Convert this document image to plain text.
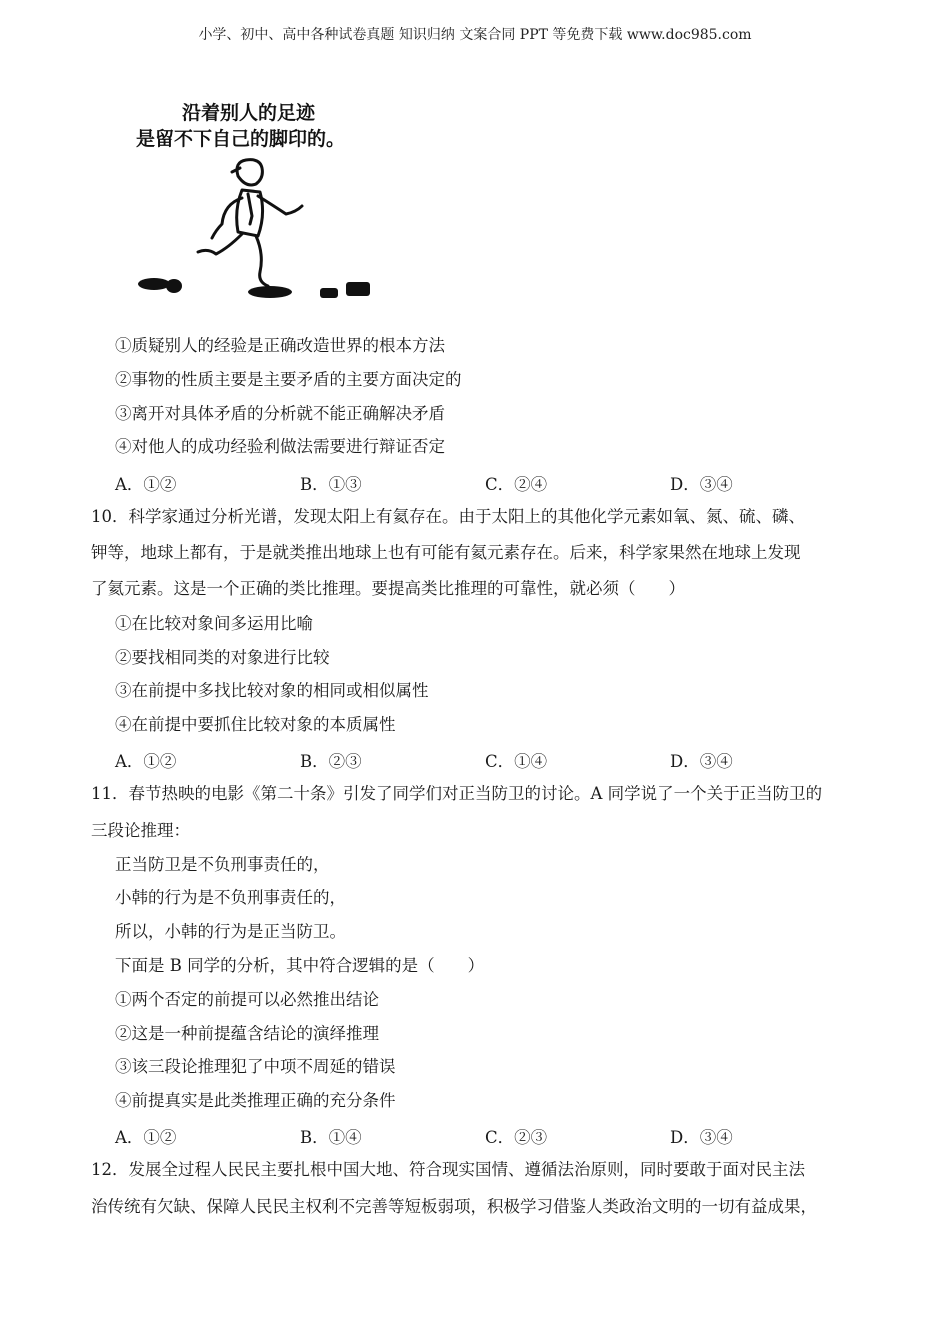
小学、初中、高中各种试卷真题 知识归纳 文案合同 PPT 等免费下载 www.doc985.com
沿着别人的足迹
是留不下自己的脚印的。
①质疑别人的经验是正确改造世界的根本方法
②事物的性质主要是主要矛盾的主要方面决定的
③离开对具体矛盾的分析就不能正确解决矛盾
④对他人的成功经验利做法需要进行辩证否定
A．①②	B．①③	C．②④	D．③④
10．科学家通过分析光谱，发现太阳上有氦存在。由于太阳上的其他化学元素如氧、氮、硫、磷、
钾等，地球上都有，于是就类推出地球上也有可能有氦元素存在。后来，科学家果然在地球上发现
了氦元素。这是一个正确的类比推理。要提高类比推理的可靠性，就必须（　　）
①在比较对象间多运用比喻
②要找相同类的对象进行比较
③在前提中多找比较对象的相同或相似属性
④在前提中要抓住比较对象的本质属性
A．①②	B．②③	C．①④	D．③④
11．春节热映的电影《第二十条》引发了同学们对正当防卫的讨论。A 同学说了一个关于正当防卫的
三段论推理：
正当防卫是不负刑事责任的，
小韩的行为是不负刑事责任的，
所以，小韩的行为是正当防卫。
下面是 B 同学的分析，其中符合逻辑的是（　　）
①两个否定的前提可以必然推出结论
②这是一种前提蕴含结论的演绎推理
③该三段论推理犯了中项不周延的错误
④前提真实是此类推理正确的充分条件
A．①②	B．①④	C．②③	D．③④
12．发展全过程人民民主要扎根中国大地、符合现实国情、遵循法治原则，同时要敢于面对民主法
治传统有欠缺、保障人民民主权利不完善等短板弱项，积极学习借鉴人类政治文明的一切有益成果，
